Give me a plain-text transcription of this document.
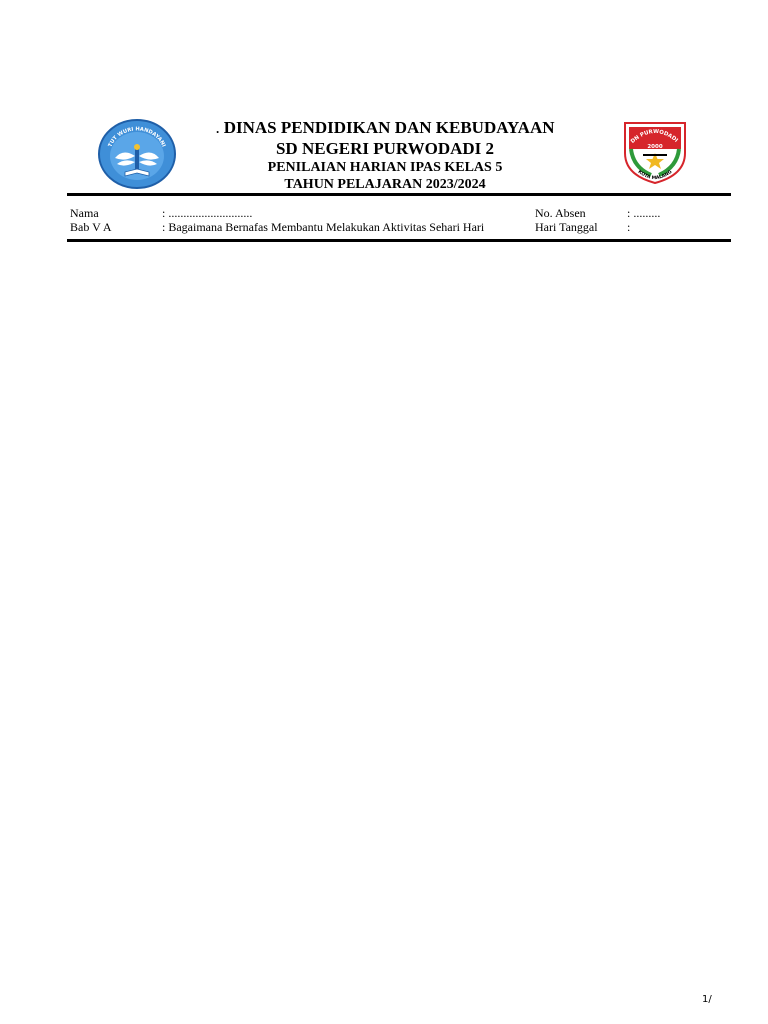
TUT WURI HANDAYANI
. DINAS PENDIDIKAN DAN KEBUDAYAAN
SD NEGERI PURWODADI 2
PENILAIAN HARIAN IPAS KELAS 5
TAHUN PELAJARAN 2023/2024
DN PURWODADI
2000
KOTA MALANG
Nama	: ............................	No. Absen	: .........
Bab V A	: Bagaimana Bernafas Membantu Melakukan Aktivitas Sehari Hari	Hari Tanggal :
1/
